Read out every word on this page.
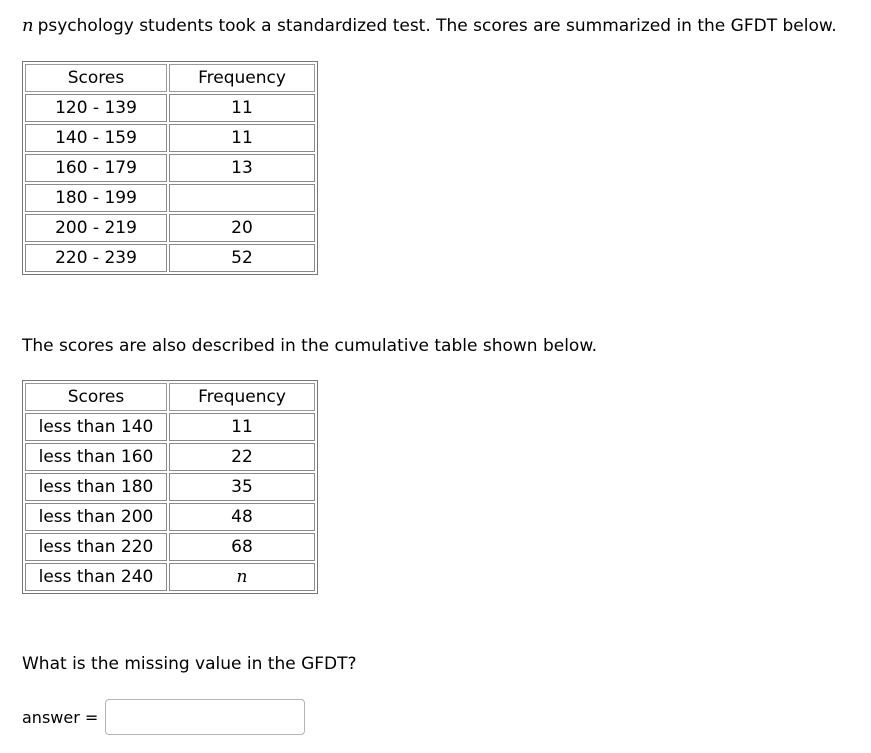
n psychology students took a standardized test. The scores are summarized in the GFDT below.
Scores	Frequency
120 - 139	11
140 - 159	11
160 - 179	13
180 - 199	
200 - 219	20
220 - 239	52
The scores are also described in the cumulative table shown below.
Scores	Frequency
less than 140	11
less than 160	22
less than 180	35
less than 200	48
less than 220	68
less than 240	n
What is the missing value in the GFDT?
answer =
